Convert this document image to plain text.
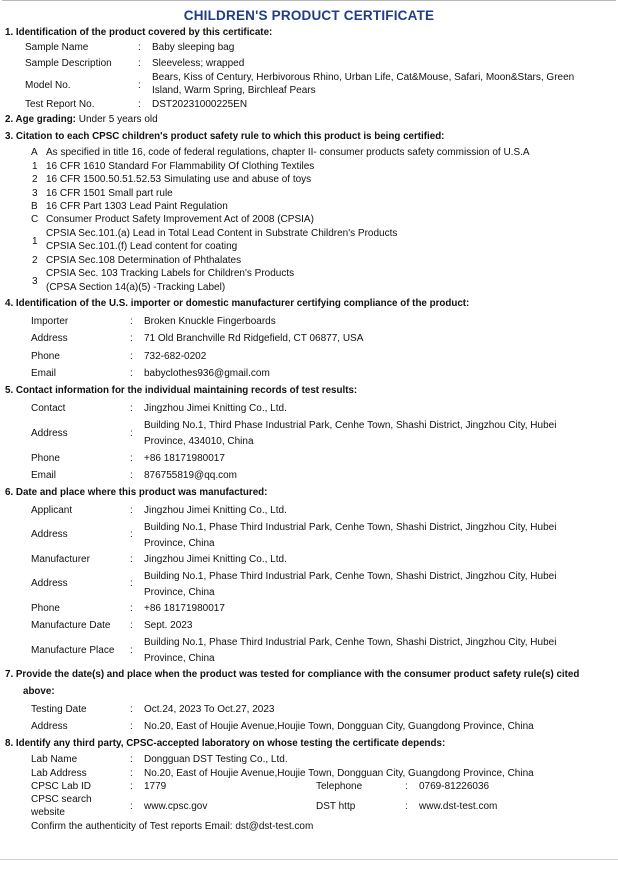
CHILDREN'S PRODUCT CERTIFICATE
1. Identification of the product covered by this certificate:
Sample Name	: Baby sleeping bag
Sample Description	: Sleeveless; wrapped
Model No.	:
Bears, Kiss of Century, Herbivorous Rhino, Urban Life, Cat&Mouse, Safari, Moon&Stars, Green
Island, Warm Spring, Birchleaf Pears
Test Report No.	: DST20231000225EN
2. Age grading: Under 5 years old
3. Citation to each CPSC children's product safety rule to which this product is being certified:
A As specified in title 16, code of federal regulations, chapter II- consumer products safety commission of U.S.A
1 16 CFR 1610 Standard For Flammability Of Clothing Textiles
2 16 CFR 1500.50.51.52.53 Simulating use and abuse of toys
3 16 CFR 1501 Small part rule
B 16 CFR Part 1303 Lead Paint Regulation
C Consumer Product Safety Improvement Act of 2008 (CPSIA)
1
CPSIA Sec.101.(a) Lead in Total Lead Content in Substrate Children's Products
CPSIA Sec.101.(f) Lead content for coating
2 CPSIA Sec.108 Determination of Phthalates
3
CPSIA Sec. 103 Tracking Labels for Children's Products
(CPSA Section 14(a)(5) -Tracking Label)
4. Identification of the U.S. importer or domestic manufacturer certifying compliance of the product:
Importer	: Broken Knuckle Fingerboards
Address	: 71 Old Branchville Rd Ridgefield, CT 06877, USA
Phone	: 732-682-0202
Email	: babyclothes936@gmail.com
5. Contact information for the individual maintaining records of test results:
Contact	: Jingzhou Jimei Knitting Co., Ltd.
Address	:
Building No.1, Third Phase Industrial Park, Cenhe Town, Shashi District, Jingzhou City, Hubei
Province, 434010, China
Phone	: +86 18171980017
Email	: 876755819@qq.com
6. Date and place where this product was manufactured:
Applicant	: Jingzhou Jimei Knitting Co., Ltd.
Address	:
Building No.1, Phase Third Industrial Park, Cenhe Town, Shashi District, Jingzhou City, Hubei
Province, China
Manufacturer	: Jingzhou Jimei Knitting Co., Ltd.
Address	:
Building No.1, Phase Third Industrial Park, Cenhe Town, Shashi District, Jingzhou City, Hubei
Province, China
Phone	: +86 18171980017
Manufacture Date : Sept. 2023
Manufacture Place :
Building No.1, Phase Third Industrial Park, Cenhe Town, Shashi District, Jingzhou City, Hubei
Province, China
7. Provide the date(s) and place when the product was tested for compliance with the consumer product safety rule(s) cited
above:
Testing Date	: Oct.24, 2023 To Oct.27, 2023
Address	: No.20, East of Houjie Avenue,Houjie Town, Dongguan City, Guangdong Province, China
8. Identify any third party, CPSC-accepted laboratory on whose testing the certificate depends:
Lab Name	: Dongguan DST Testing Co., Ltd.
Lab Address	: No.20, East of Houjie Avenue,Houjie Town, Dongguan City, Guangdong Province, China
CPSC Lab ID	: 1779	Telephone	: 0769-81226036
CPSC search
website
: www.cpsc.gov	DST http	: www.dst-test.com
Confirm the authenticity of Test reports Email: dst@dst-test.com
